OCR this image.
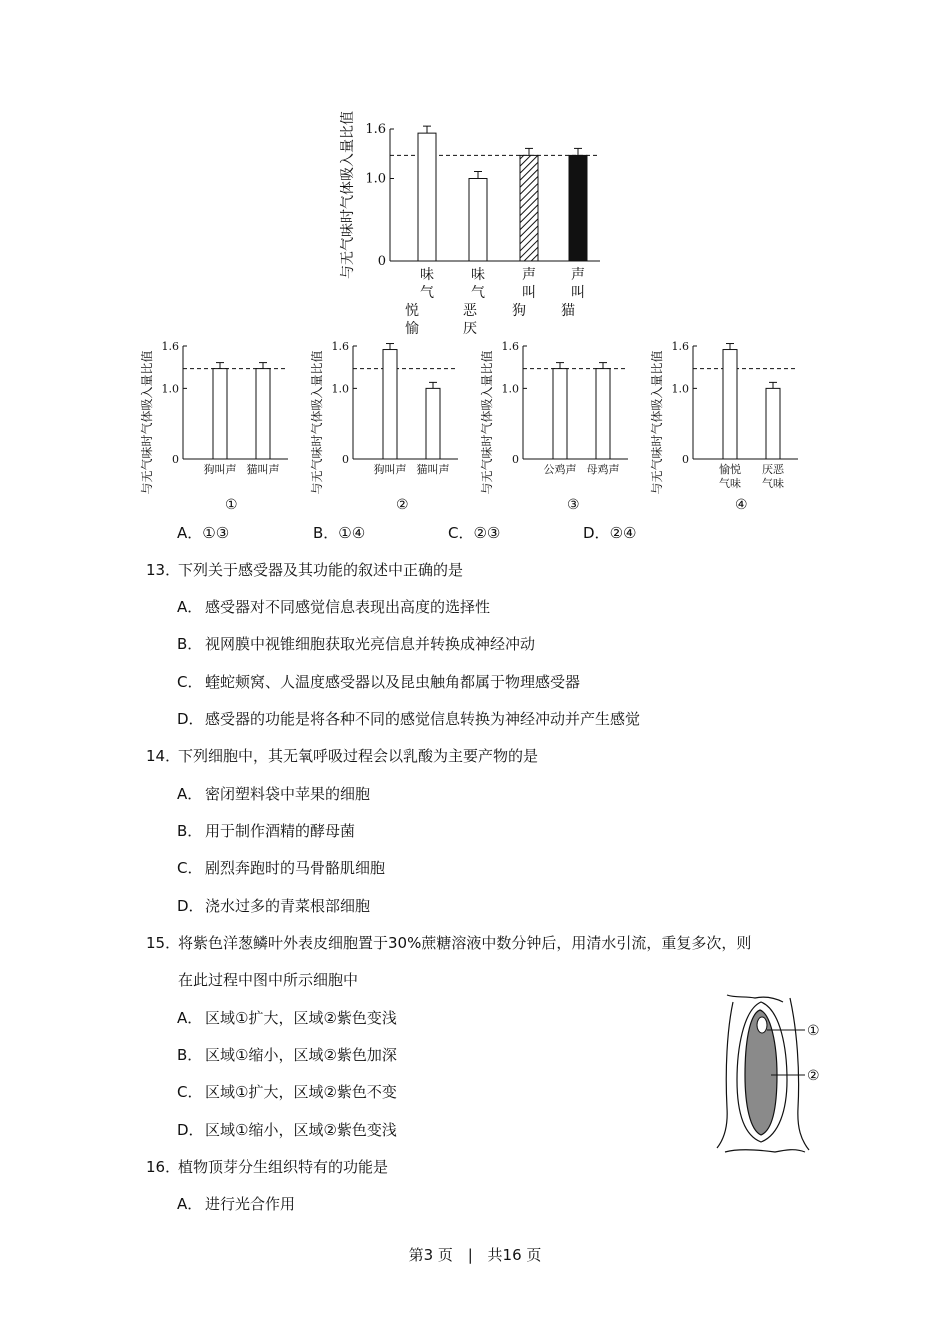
0
1.0
1.6
与无气味时气体吸入量比值	味
气
悦
愉
味
气
恶
厌
声
叫
狗
声
叫
猫
0
1.0
1.6
与无气味时气体吸入量比值	狗叫声 猫叫声
0
1.0
1.6
与无气味时气体吸入量比值	狗叫声 猫叫声
0
1.0
1.6
与无气味时气体吸入量比值	公鸡声 母鸡声
0
1.0
1.6
与无气味时气体吸入量比值	愉悦
气味
厌恶
气味
①	②	③	④
A．①③	B．①④	C．②③	D．②④
13．下列关于感受器及其功能的叙述中正确的是
A． 感受器对不同感觉信息表现出高度的选择性
B． 视网膜中视锥细胞获取光亮信息并转换成神经冲动
C． 蝰蛇颊窝、人温度感受器以及昆虫触角都属于物理感受器
D．感受器的功能是将各种不同的感觉信息转换为神经冲动并产生感觉
14．下列细胞中，其无氧呼吸过程会以乳酸为主要产物的是
A． 密闭塑料袋中苹果的细胞
B． 用于制作酒精的酵母菌
C． 剧烈奔跑时的马骨骼肌细胞
D．浇水过多的青菜根部细胞
15．将紫色洋葱鳞叶外表皮细胞置于30%蔗糖溶液中数分钟后，用清水引流，重复多次，则
在此过程中图中所示细胞中
A． 区域①扩大，区域②紫色变浅
B． 区域①缩小，区域②紫色加深
C． 区域①扩大，区域②紫色不变
D．区域①缩小，区域②紫色变浅
①
②
16．植物顶芽分生组织特有的功能是
A． 进行光合作用
第3 页 | 共16 页
